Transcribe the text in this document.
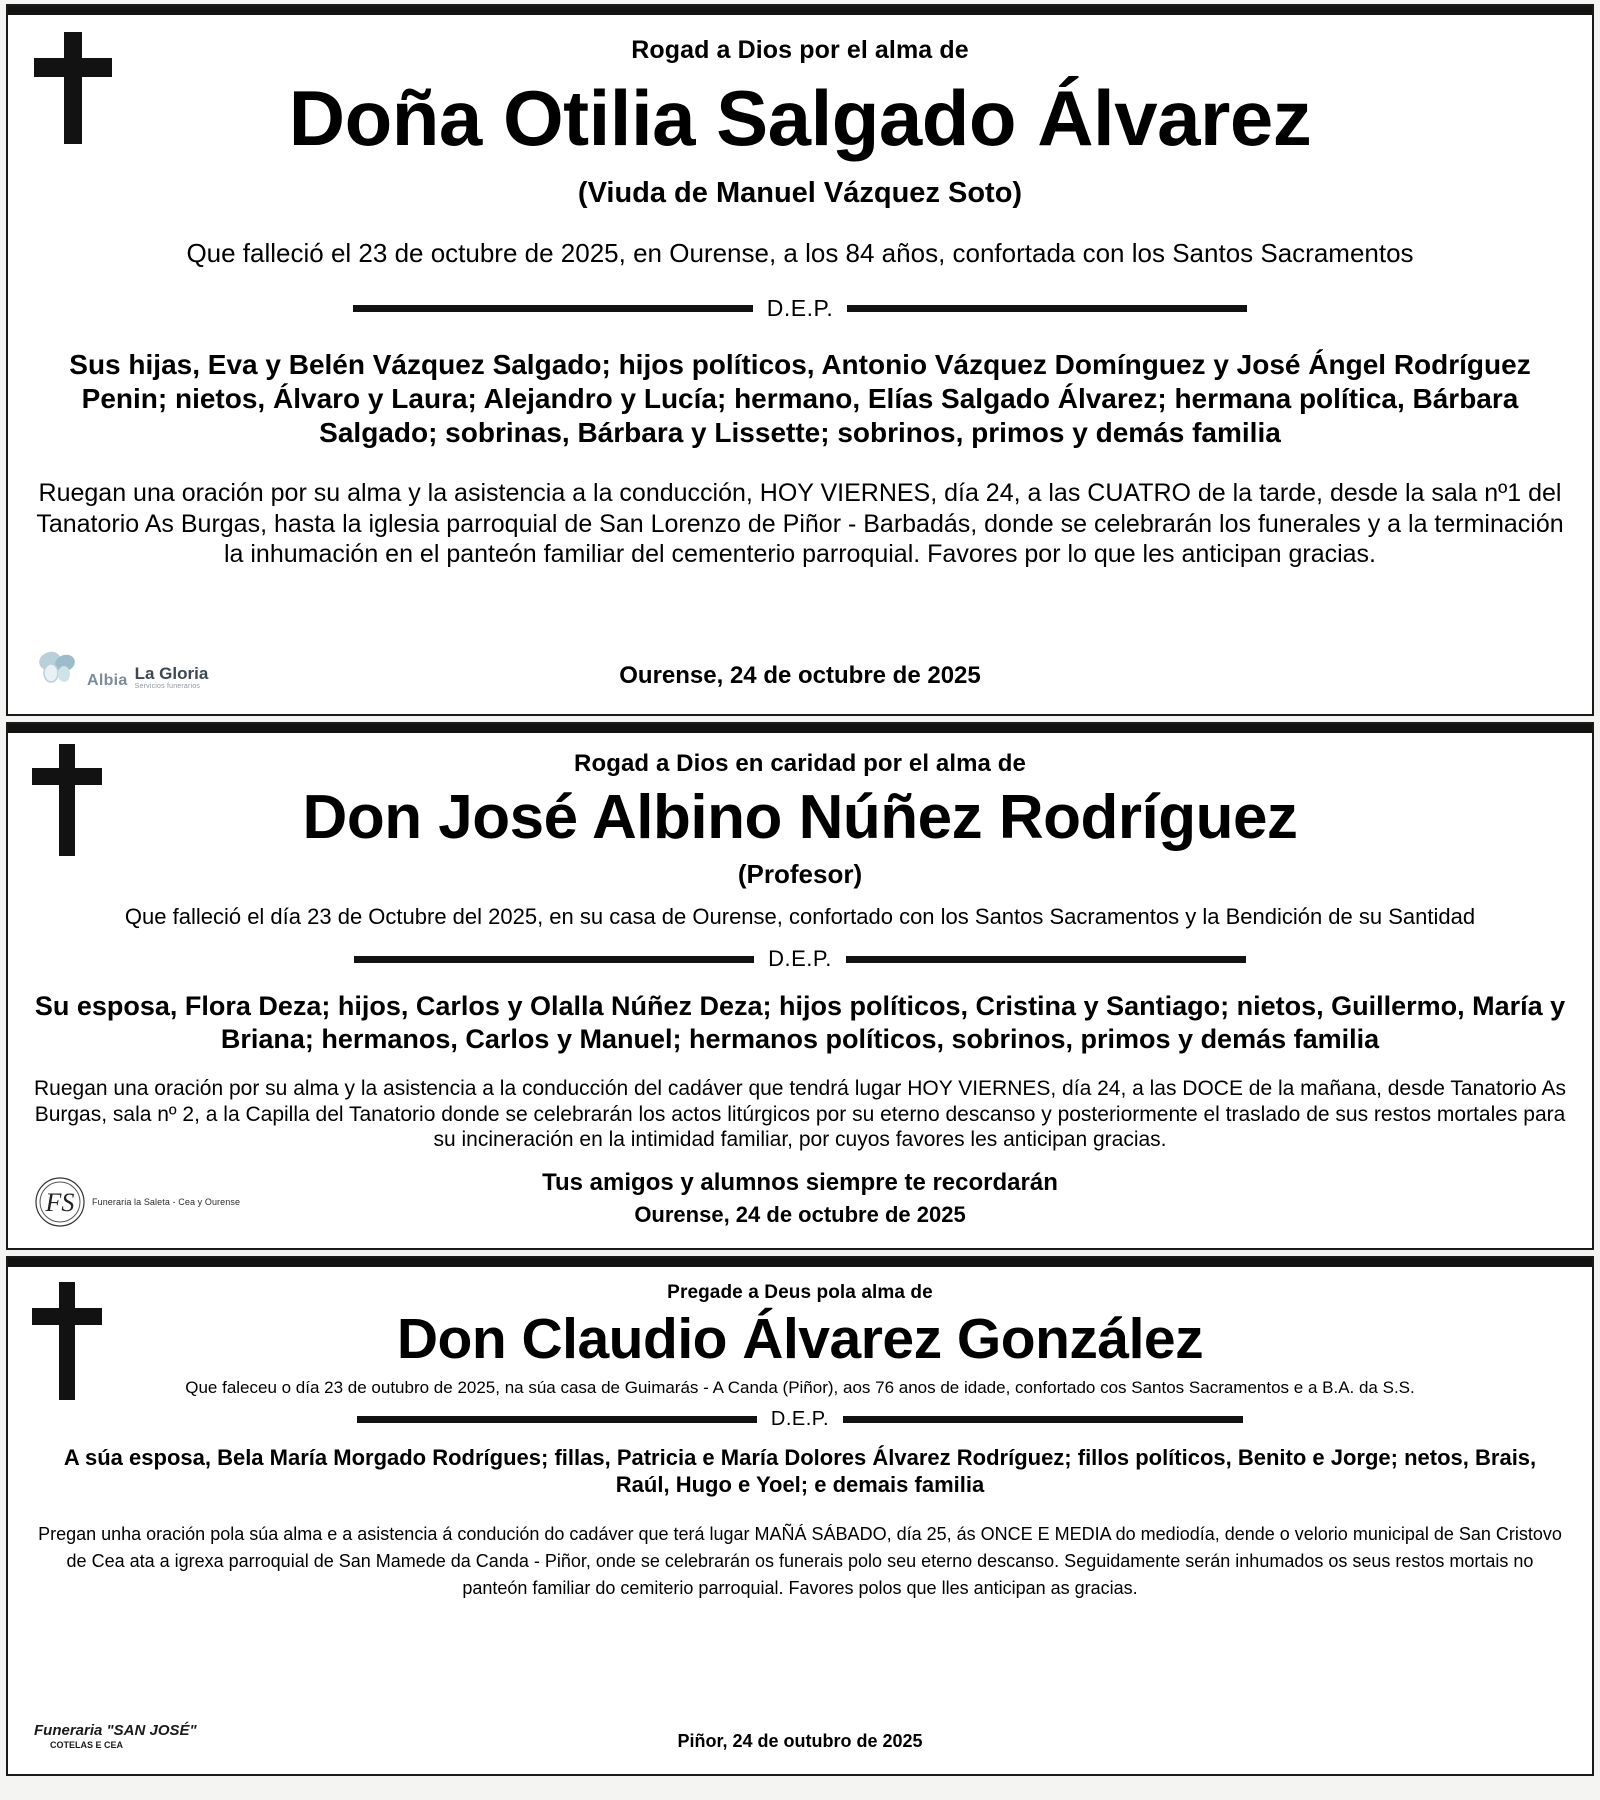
Rogad a Dios por el alma de
Doña Otilia Salgado Álvarez
(Viuda de Manuel Vázquez Soto)
Que falleció el 23 de octubre de 2025, en Ourense, a los 84 años, confortada con los Santos Sacramentos
D.E.P.
Sus hijas, Eva y Belén Vázquez Salgado; hijos políticos, Antonio Vázquez Domínguez y José Ángel Rodríguez Penin; nietos, Álvaro y Laura; Alejandro y Lucía; hermano, Elías Salgado Álvarez; hermana política, Bárbara Salgado; sobrinas, Bárbara y Lissette; sobrinos, primos y demás familia
Ruegan una oración por su alma y la asistencia a la conducción, HOY VIERNES, día 24, a las CUATRO de la tarde, desde la sala nº1 del Tanatorio As Burgas, hasta la iglesia parroquial de San Lorenzo de Piñor - Barbadás, donde se celebrarán los funerales y a la terminación la inhumación en el panteón familiar del cementerio parroquial. Favores por lo que les anticipan gracias.
Albia La Gloria
Servicios funerarios	Ourense, 24 de octubre de 2025
Rogad a Dios en caridad por el alma de
Don José Albino Núñez Rodríguez
(Profesor)
Que falleció el día 23 de Octubre del 2025, en su casa de Ourense, confortado con los Santos Sacramentos y la Bendición de su Santidad
D.E.P.
Su esposa, Flora Deza; hijos, Carlos y Olalla Núñez Deza; hijos políticos, Cristina y Santiago; nietos, Guillermo, María y Briana; hermanos, Carlos y Manuel; hermanos políticos, sobrinos, primos y demás familia
Ruegan una oración por su alma y la asistencia a la conducción del cadáver que tendrá lugar HOY VIERNES, día 24, a las DOCE de la mañana, desde Tanatorio As Burgas, sala nº 2, a la Capilla del Tanatorio donde se celebrarán los actos litúrgicos por su eterno descanso y posteriormente el traslado de sus restos mortales para su incineración en la intimidad familiar, por cuyos favores les anticipan gracias.
Tus amigos y alumnos siempre te recordarán
FS Funeraria la Saleta - Cea y Ourense	Ourense, 24 de octubre de 2025
Pregade a Deus pola alma de
Don Claudio Álvarez González
Que faleceu o día 23 de outubro de 2025, na súa casa de Guimarás - A Canda (Piñor), aos 76 anos de idade, confortado cos Santos Sacramentos e a B.A. da S.S.
D.E.P.
A súa esposa, Bela María Morgado Rodrígues; fillas, Patricia e María Dolores Álvarez Rodríguez; fillos políticos, Benito e Jorge; netos, Brais, Raúl, Hugo e Yoel; e demais familia
Pregan unha oración pola súa alma e a asistencia á condución do cadáver que terá lugar MAÑÁ SÁBADO, día 25, ás ONCE E MEDIA do mediodía, dende o velorio municipal de San Cristovo de Cea ata a igrexa parroquial de San Mamede da Canda - Piñor, onde se celebrarán os funerais polo seu eterno descanso. Seguidamente serán inhumados os seus restos mortais no panteón familiar do cemiterio parroquial. Favores polos que lles anticipan as gracias.
Funeraria "SAN JOSÉ"
COTELAS E CEA	Piñor, 24 de outubro de 2025
